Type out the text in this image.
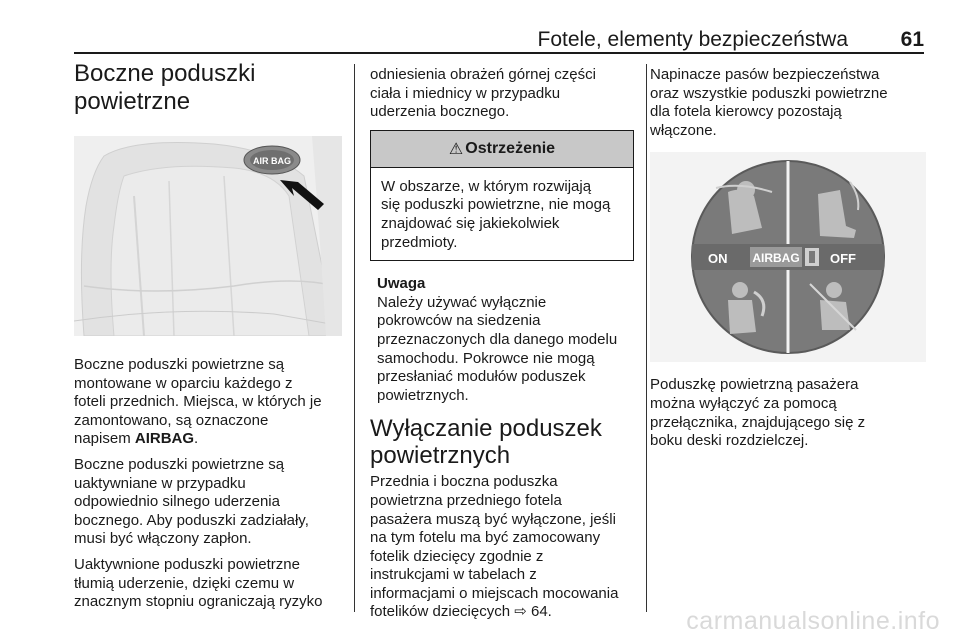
Fotele, elementy bezpieczeństwa	61
Boczne poduszki
powietrzne
AIR BAG

Boczne poduszki powietrzne są
montowane w oparciu każdego z
foteli przednich. Miejsca, w których je
zamontowano, są oznaczone
napisem AIRBAG.

Boczne poduszki powietrzne są
uaktywniane w przypadku
odpowiednio silnego uderzenia
bocznego. Aby poduszki zadziałały,
musi być włączony zapłon.

Uaktywnione poduszki powietrzne
tłumią uderzenie, dzięki czemu w
znacznym stopniu ograniczają ryzyko

odniesienia obrażeń górnej części
ciała i miednicy w przypadku
uderzenia bocznego.

⚠ Ostrzeżenie

W obszarze, w którym rozwijają
się poduszki powietrzne, nie mogą
znajdować się jakiekolwiek
przedmioty.

Uwaga

Należy używać wyłącznie
pokrowców na siedzenia
przeznaczonych dla danego modelu
samochodu. Pokrowce nie mogą
przesłaniać modułów poduszek
powietrznych.

Wyłączanie poduszek
powietrznych

Przednia i boczna poduszka
powietrzna przedniego fotela
pasażera muszą być wyłączone, jeśli
na tym fotelu ma być zamocowany
fotelik dziecięcy zgodnie z
instrukcjami w tabelach z
informacjami o miejscach mocowania
fotelików dziecięcych ⇨ 64.

Napinacze pasów bezpieczeństwa
oraz wszystkie poduszki powietrzne
dla fotela kierowcy pozostają
włączone.

ON AIRBAG OFF

Poduszkę powietrzną pasażera
można wyłączyć za pomocą
przełącznika, znajdującego się z
boku deski rozdzielczej.

carmanualsonline.info
